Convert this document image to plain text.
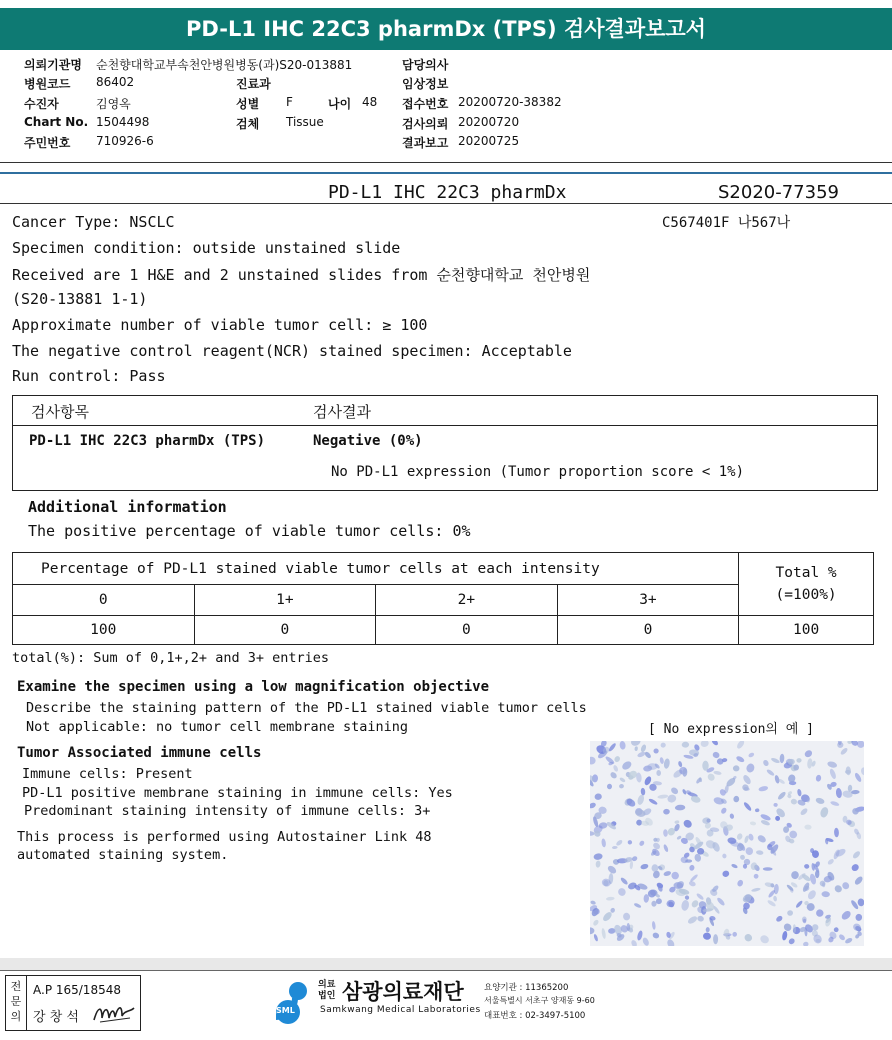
PD-L1 IHC 22C3 pharmDx (TPS) 검사결과보고서
의뢰기관명 순천향대학교부속천안병원병동(과)S20-013881
병원코드 86402
수진자	김영옥
Chart No. 1504498
주민번호 710926-6
진료과
성별 F	나이 48
검체 Tissue
담당의사
임상정보
접수번호 20200720-38382
검사의뢰 20200720
결과보고 20200725
PD-L1 IHC 22C3 pharmDx	S2020-77359
C567401F 나567나
Cancer Type: NSCLC
Specimen condition: outside unstained slide
Received are 1 H&E and 2 unstained slides from 순천향대학교 천안병원
(S20-13881 1-1)
Approximate number of viable tumor cell: ≥ 100
The negative control reagent(NCR) stained specimen: Acceptable
Run control: Pass
검사항목	검사결과
PD-L1 IHC 22C3 pharmDx (TPS)	Negative (0%)
No PD-L1 expression (Tumor proportion score < 1%)
Additional information
The positive percentage of viable tumor cells: 0%
Percentage of PD-L1 stained viable tumor cells at each intensity				Total %
(=100%)

0	1+	2+	3+	
100	0	0	0	100
total(%): Sum of 0,1+,2+ and 3+ entries
Examine the specimen using a low magnification objective
Describe the staining pattern of the PD-L1 stained viable tumor cells
Not applicable: no tumor cell membrane staining	[ No expression의 예 ]
Tumor Associated immune cells
Immune cells: Present
PD-L1 positive membrane staining in immune cells: Yes
Predominant staining intensity of immune cells: 3+
This process is performed using Autostainer Link 48
automated staining system.
전문의
A.P 165/18548
강 창 석	SML
의료법인 삼광의료재단
Samkwang Medical Laboratories
요양기관 : 11365200
서울특별시 서초구 양재동 9-60
대표번호 : 02-3497-5100
